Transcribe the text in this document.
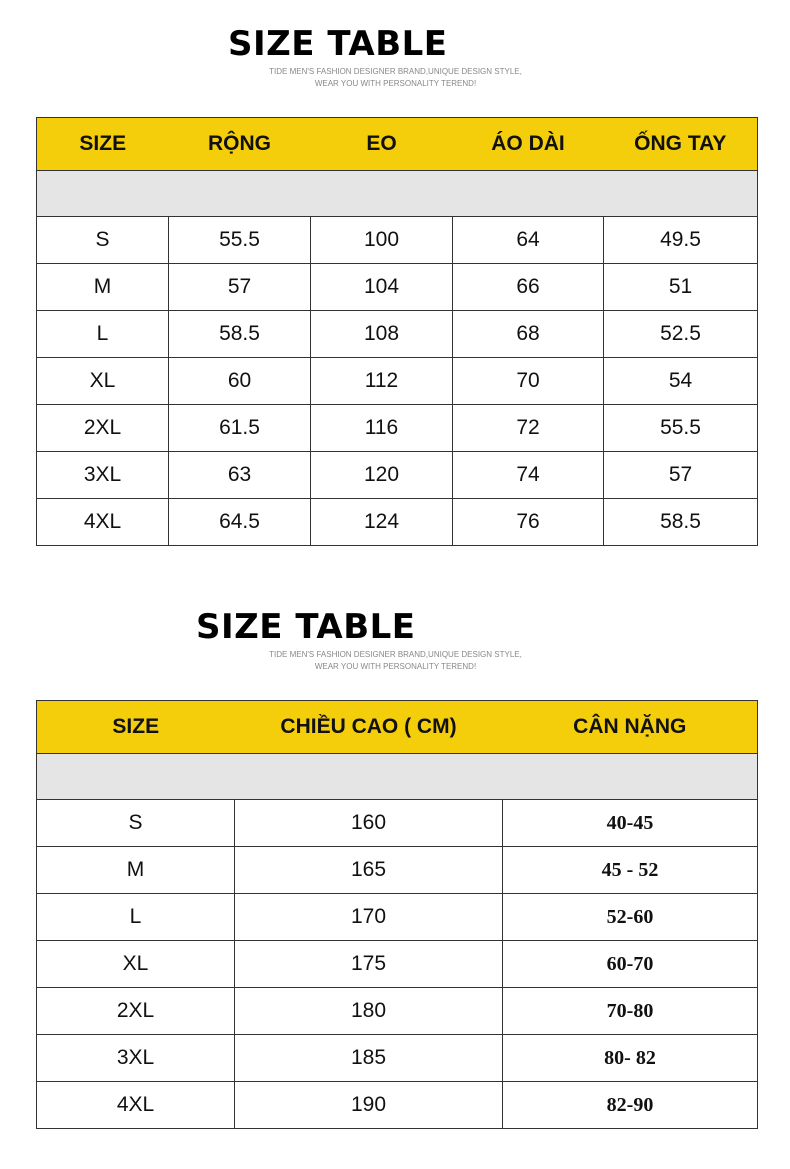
SIZE TABLE
TIDE MEN'S FASHION DESIGNER BRAND,UNIQUE DESIGN STYLE,
WEAR YOU WITH PERSONALITY TEREND!
SIZE	RỘNG	EO	ÁO DÀI	ỐNG TAY

S	55.5	100	64	49.5
M	57	104	66	51
L	58.5	108	68	52.5
XL	60	112	70	54
2XL	61.5	116	72	55.5
3XL	63	120	74	57
4XL	64.5	124	76	58.5
SIZE TABLE
TIDE MEN'S FASHION DESIGNER BRAND,UNIQUE DESIGN STYLE,
WEAR YOU WITH PERSONALITY TEREND!
SIZE	CHIỀU CAO ( CM)	CÂN NẶNG

S	160	40-45
M	165	45 - 52
L	170	52-60
XL	175	60-70
2XL	180	70-80
3XL	185	80- 82
4XL	190	82-90
